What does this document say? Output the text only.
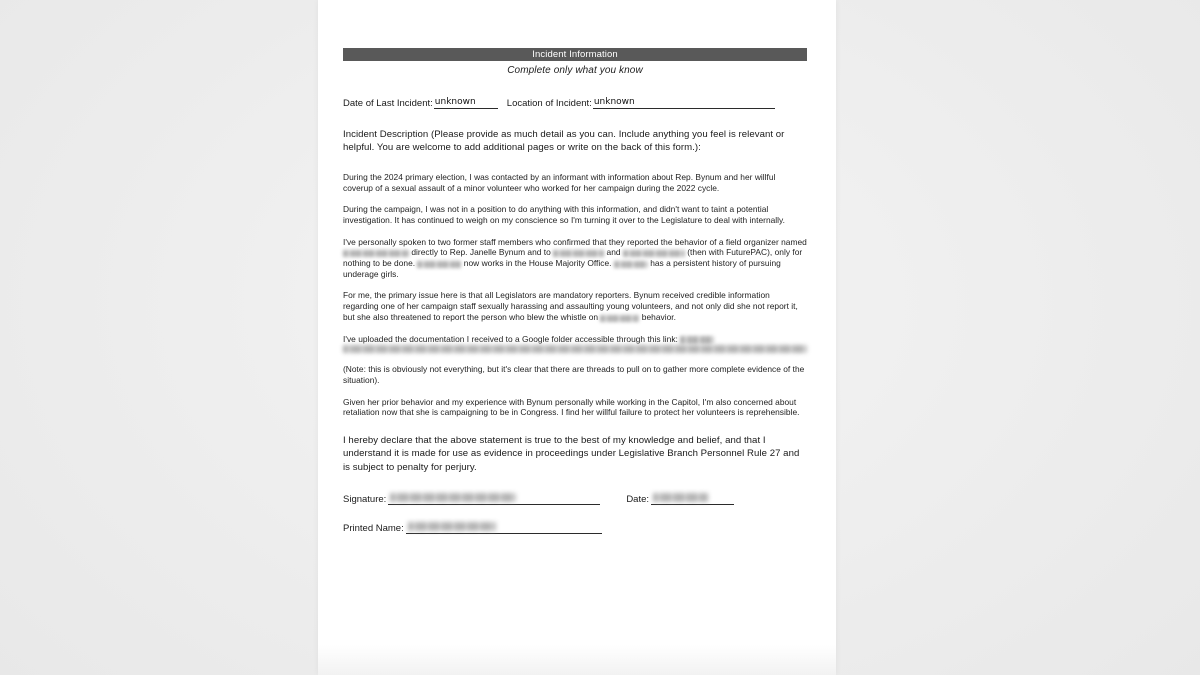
Incident Information
Complete only what you know
Date of Last Incident: unknown	Location of Incident: unknown
Incident Description (Please provide as much detail as you can. Include anything you feel is relevant or helpful. You are welcome to add additional pages or write on the back of this form.):

During the 2024 primary election, I was contacted by an informant with information about Rep. Bynum and her willful coverup of a sexual assault of a minor volunteer who worked for her campaign during the 2022 cycle.

During the campaign, I was not in a position to do anything with this information, and didn't want to taint a potential investigation. It has continued to weigh on my conscience so I'm turning it over to the Legislature to deal with internally.

I've personally spoken to two former staff members who confirmed that they reported the behavior of a field organizer named  directly to Rep. Janelle Bynum and to	and	(then with FuturePAC), only for nothing to be done.	now works in the House Majority Office.	has a persistent history of pursuing underage girls.

For me, the primary issue here is that all Legislators are mandatory reporters. Bynum received credible information regarding one of her campaign staff sexually harassing and assaulting young volunteers, and not only did she not report it, but she also threatened to report the person who blew the whistle on	behavior.

I've uploaded the documentation I received to a Google folder accessible through this link:

(Note: this is obviously not everything, but it's clear that there are threads to pull on to gather more complete evidence of the situation).

Given her prior behavior and my experience with Bynum personally while working in the Capitol, I'm also concerned about retaliation now that she is campaigning to be in Congress. I find her willful failure to protect her volunteers is reprehensible.

I hereby declare that the above statement is true to the best of my knowledge and belief, and that I understand it is made for use as evidence in proceedings under Legislative Branch Personnel Rule 27 and is subject to penalty for perjury.
Signature:	Date:
Printed Name:
